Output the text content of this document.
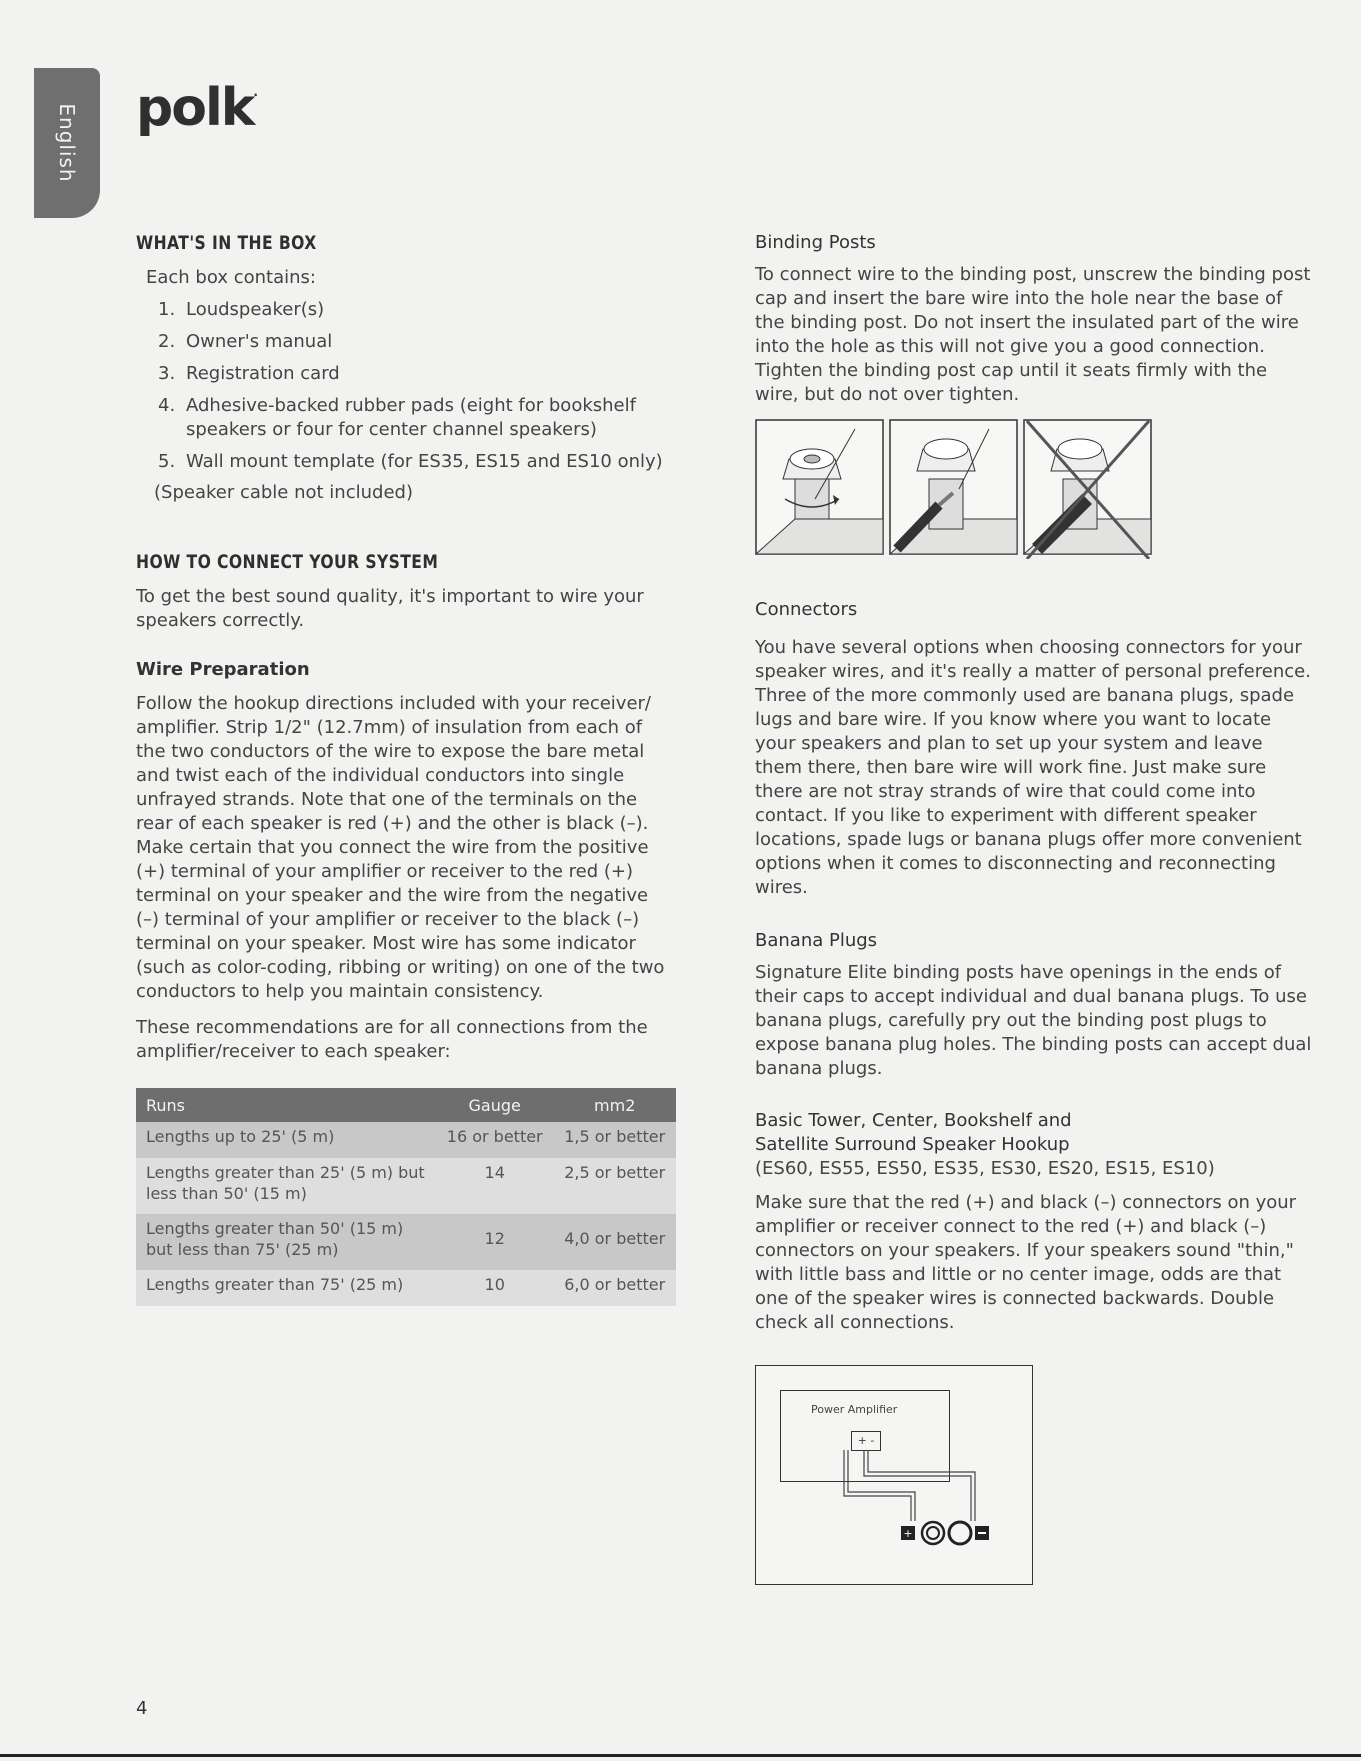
English polk·
WHAT'S IN THE BOX
Each box contains:
1. Loudspeaker(s)
2. Owner's manual
3. Registration card
4. Adhesive-backed rubber pads (eight for bookshelf speakers or four for center channel speakers)
5. Wall mount template (for ES35, ES15 and ES10 only)
(Speaker cable not included)
HOW TO CONNECT YOUR SYSTEM
To get the best sound quality, it's important to wire your speakers correctly.
Wire Preparation
Follow the hookup directions included with your receiver/ amplifier. Strip 1/2" (12.7mm) of insulation from each of the two conductors of the wire to expose the bare metal and twist each of the individual conductors into single unfrayed strands. Note that one of the terminals on the rear of each speaker is red (+) and the other is black (–). Make certain that you connect the wire from the positive (+) terminal of your amplifier or receiver to the red (+) terminal on your speaker and the wire from the negative (–) terminal of your amplifier or receiver to the black (–) terminal on your speaker. Most wire has some indicator (such as color-coding, ribbing or writing) on one of the two conductors to help you maintain consistency.
These recommendations are for all connections from the amplifier/receiver to each speaker:
Runs	Gauge	mm2
Lengths up to 25' (5 m)	16 or better	1,5 or better
Lengths greater than 25' (5 m) but less than 50' (15 m)	14	2,5 or better
Lengths greater than 50' (15 m) but less than 75' (25 m)	12	4,0 or better
Lengths greater than 75' (25 m)	10	6,0 or better
Binding Posts
To connect wire to the binding post, unscrew the binding post cap and insert the bare wire into the hole near the base of the binding post. Do not insert the insulated part of the wire into the hole as this will not give you a good connection. Tighten the binding post cap until it seats firmly with the wire, but do not over tighten.
Connectors
You have several options when choosing connectors for your speaker wires, and it's really a matter of personal preference. Three of the more commonly used are banana plugs, spade lugs and bare wire. If you know where you want to locate your speakers and plan to set up your system and leave them there, then bare wire will work fine. Just make sure there are not stray strands of wire that could come into contact. If you like to experiment with different speaker locations, spade lugs or banana plugs offer more convenient options when it comes to disconnecting and reconnecting wires.
Banana Plugs
Signature Elite binding posts have openings in the ends of their caps to accept individual and dual banana plugs. To use banana plugs, carefully pry out the binding post plugs to expose banana plug holes. The binding posts can accept dual banana plugs.
Basic Tower, Center, Bookshelf and
Satellite Surround Speaker Hookup
(ES60, ES55, ES50, ES35, ES30, ES20, ES15, ES10)
Make sure that the red (+) and black (–) connectors on your amplifier or receiver connect to the red (+) and black (–) connectors on your speakers. If your speakers sound "thin," with little bass and little or no center image, odds are that one of the speaker wires is connected backwards. Double check all connections.
Power Amplifier
+ -
+
4
